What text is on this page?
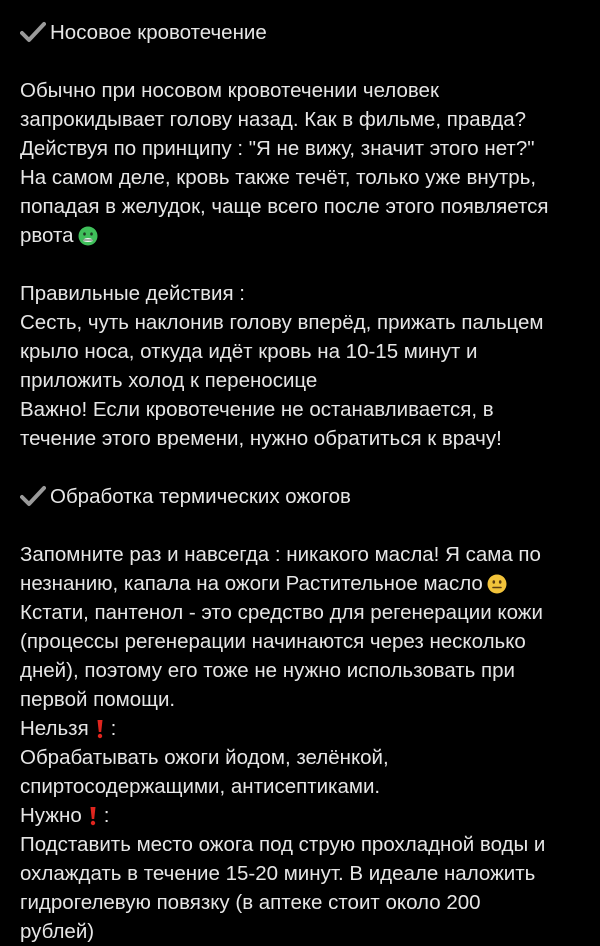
Носовое кровотечение
Обычно при носовом кровотечении человек
запрокидывает голову назад. Как в фильме, правда?
Действуя по принципу : "Я не вижу, значит этого нет?"
На самом деле, кровь также течёт, только уже внутрь,
попадая в желудок, чаще всего после этого появляется
рвота
Правильные действия :
Сесть, чуть наклонив голову вперёд, прижать пальцем
крыло носа, откуда идёт кровь на 10-15 минут и
приложить холод к переносице
Важно! Если кровотечение не останавливается, в
течение этого времени, нужно обратиться к врачу!
Обработка термических ожогов
Запомните раз и навсегда : никакого масла! Я сама по
незнанию, капала на ожоги Растительное масло
Кстати, пантенол - это средство для регенерации кожи
(процессы регенерации начинаются через несколько
дней), поэтому его тоже не нужно использовать при
первой помощи.
Нельзя :
Обрабатывать ожоги йодом, зелёнкой,
спиртосодержащими, антисептиками.
Нужно :
Подставить место ожога под струю прохладной воды и
охлаждать в течение 15-20 минут. В идеале наложить
гидрогелевую повязку (в аптеке стоит около 200
рублей)
